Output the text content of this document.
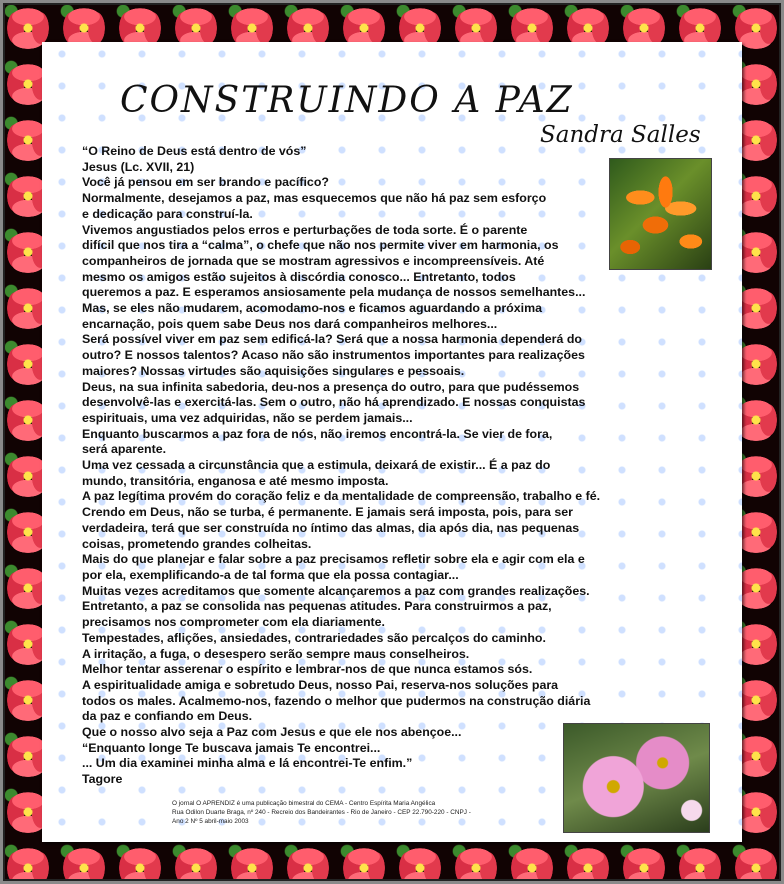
CONSTRUINDO A PAZ
Sandra Salles
“O Reino de Deus está dentro de vós”
Jesus (Lc. XVII, 21)
Você já pensou em ser brando e pacífico?
Normalmente, desejamos a paz, mas esquecemos que não há paz sem esforço
e dedicação para construí-la.
Vivemos angustiados pelos erros e perturbações de toda sorte. É o parente
difícil que nos tira a “calma”, o chefe que não nos permite viver em harmonia, os
companheiros de jornada que se mostram agressivos e incompreensíveis. Até
mesmo os amigos estão sujeitos à discórdia conosco... Entretanto, todos
queremos a paz. E esperamos ansiosamente pela mudança de nossos semelhantes...
Mas, se eles não mudarem, acomodamo-nos e ficamos aguardando a próxima
encarnação, pois quem sabe Deus nos dará companheiros melhores...
Será possível viver em paz sem edificá-la? Será que a nossa harmonia dependerá do
outro? E nossos talentos? Acaso não são instrumentos importantes para realizações
maiores? Nossas virtudes são aquisições singulares e pessoais.
Deus, na sua infinita sabedoria, deu-nos a presença do outro, para que pudéssemos
desenvolvê-las e exercitá-las. Sem o outro, não há aprendizado. E nossas conquistas
espirituais, uma vez adquiridas, não se perdem jamais...
Enquanto buscarmos a paz fora de nós, não iremos encontrá-la. Se vier de fora,
será aparente.
Uma vez cessada a circunstância que a estimula, deixará de existir... É a paz do
mundo, transitória, enganosa e até mesmo imposta.
A paz legítima provém do coração feliz e da mentalidade de compreensão, trabalho e fé.
Crendo em Deus, não se turba, é permanente. E jamais será imposta, pois, para ser
verdadeira, terá que ser construída no íntimo das almas, dia após dia, nas pequenas
coisas, prometendo grandes colheitas.
Mais do que planejar e falar sobre a paz precisamos refletir sobre ela e agir com ela e
por ela, exemplificando-a de tal forma que ela possa contagiar...
Muitas vezes acreditamos que somente alcançaremos a paz com grandes realizações.
Entretanto, a paz se consolida nas pequenas atitudes. Para construirmos a paz,
precisamos nos comprometer com ela diariamente.
Tempestades, aflições, ansiedades, contrariedades são percalços do caminho.
A irritação, a fuga, o desespero serão sempre maus conselheiros.
Melhor tentar asserenar o espírito e lembrar-nos de que nunca estamos sós.
A espiritualidade amiga e sobretudo Deus, nosso Pai, reserva-nos soluções para
todos os males. Acalmemo-nos, fazendo o melhor que pudermos na construção diária
da paz e confiando em Deus.
Que o nosso alvo seja a Paz com Jesus e que ele nos abençoe...
“Enquanto longe Te buscava jamais Te encontrei...
... Um dia examinei minha alma e lá encontrei-Te enfim.”
Tagore
O jornal O APRENDIZ é uma publicação bimestral do CEMA - Centro Espírita Maria Angélica
Rua Odilon Duarte Braga, nº 240 - Recreio dos Bandeirantes - Rio de Janeiro - CEP 22.790-220 - CNPJ -
Ano 2 Nº 5 abril-maio 2003
